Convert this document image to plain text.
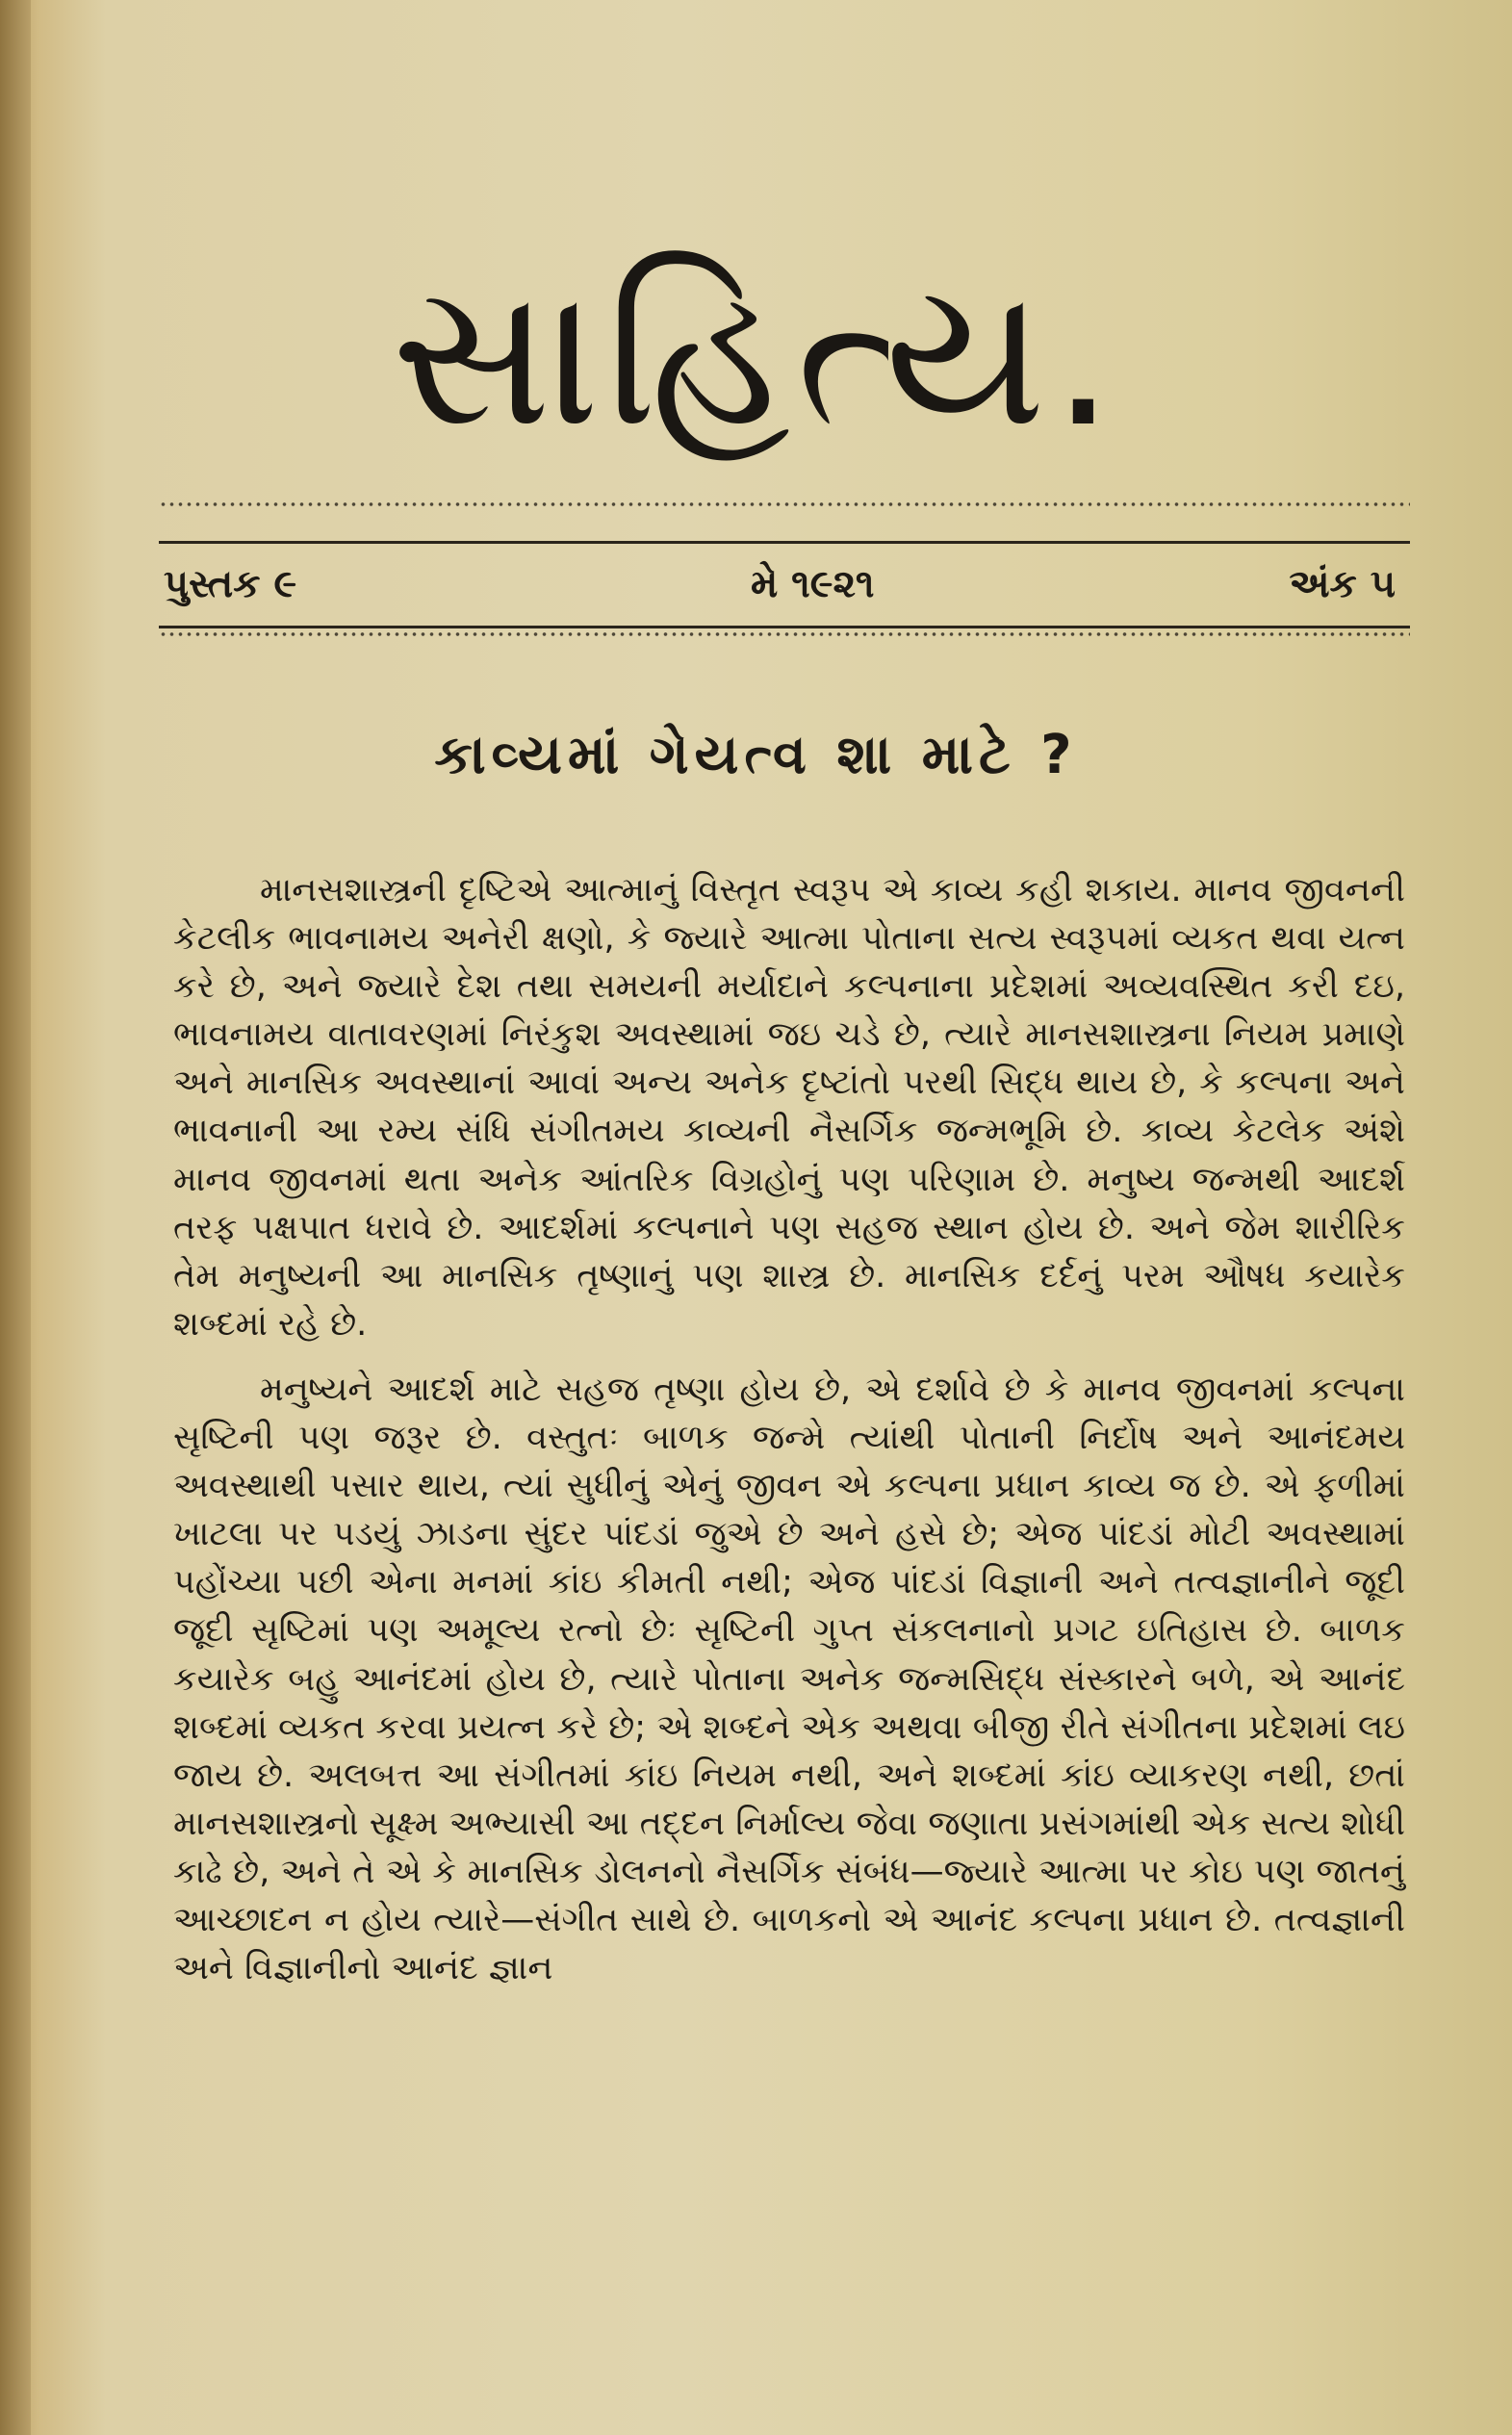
સાહિત્ય.
પુસ્તક ૯	મે ૧૯૨૧	અંક ૫
કાવ્યમાં ગેયત્વ શા માટે ?

માનસશાસ્ત્રની દૃષ્ટિએ આત્માનું વિસ્તૃત સ્વરૂપ એ કાવ્ય કહી શકાય. માનવ જીવનની કેટલીક ભાવનામય અનેરી ક્ષણો, કે જ્યારે આત્મા પોતાના સત્ય સ્વરૂપમાં વ્યકત થવા યત્ન કરે છે, અને જ્યારે દેશ તથા સમયની મર્યાદાને કલ્પનાના પ્રદેશમાં અવ્યવસ્થિત કરી દઇ, ભાવનામય વાતાવરણમાં નિરંકુશ અવસ્થામાં જઇ ચડે છે, ત્યારે માનસશાસ્ત્રના નિયમ પ્રમાણે અને માનસિક અવસ્થાનાં આવાં અન્ય અનેક દૃષ્ટાંતો પરથી સિદ્ધ થાય છે, કે કલ્પના અને ભાવનાની આ રમ્ય સંધિ સંગીતમય કાવ્યની નૈસર્ગિક જન્મભૂમિ છે. કાવ્ય કેટલેક અંશે માનવ જીવનમાં થતા અનેક આંતરિક વિગ્રહોનું પણ પરિણામ છે. મનુષ્ય જન્મથી આદર્શ તરફ પક્ષપાત ધરાવે છે. આદર્શમાં કલ્પનાને પણ સહજ સ્થાન હોય છે. અને જેમ શારીરિક તેમ મનુષ્યની આ માનસિક તૃષ્ણાનું પણ શાસ્ત્ર છે. માનસિક દર્દનું પરમ ઔષધ કયારેક શબ્દમાં રહે છે.

મનુષ્યને આદર્શ માટે સહજ તૃષ્ણા હોય છે, એ દર્શાવે છે કે માનવ જીવનમાં કલ્પના સૃષ્ટિની પણ જરૂર છે. વસ્તુતઃ બાળક જન્મે ત્યાંથી પોતાની નિર્દોષ અને આનંદમય અવસ્થાથી પસાર થાય, ત્યાં સુધીનું એનું જીવન એ કલ્પના પ્રધાન કાવ્ય જ છે. એ ફળીમાં ખાટલા પર પડયું ઝાડના સુંદર પાંદડાં જુએ છે અને હસે છે; એજ પાંદડાં મોટી અવસ્થામાં પહોંચ્યા પછી એના મનમાં કાંઇ કીમતી નથી; એજ પાંદડાં વિજ્ઞાની અને તત્વજ્ઞાનીને જૂદી જૂદી સૃષ્ટિમાં પણ અમૂલ્ય રત્નો છેઃ સૃષ્ટિની ગુપ્ત સંકલનાનો પ્રગટ ઇતિહાસ છે. બાળક કયારેક બહુ આનંદમાં હોય છે, ત્યારે પોતાના અનેક જન્મસિદ્ધ સંસ્કારને બળે, એ આનંદ શબ્દમાં વ્યકત કરવા પ્રયત્ન કરે છે; એ શબ્દને એક અથવા બીજી રીતે સંગીતના પ્રદેશમાં લઇ જાય છે. અલબત્ત આ સંગીતમાં કાંઇ નિયમ નથી, અને શબ્દમાં કાંઇ વ્યાકરણ નથી, છતાં માનસશાસ્ત્રનો સૂક્ષ્મ અભ્યાસી આ તદ્દન નિર્માલ્ય જેવા જણાતા પ્રસંગમાંથી એક સત્ય શોધી કાઢે છે, અને તે એ કે માનસિક ડોલનનો નૈસર્ગિક સંબંધ—જ્યારે આત્મા પર કોઇ પણ જાતનું આચ્છાદન ન હોય ત્યારે—સંગીત સાથે છે. બાળકનો એ આનંદ કલ્પના પ્રધાન છે. તત્વજ્ઞાની અને વિજ્ઞાનીનો આનંદ જ્ઞાન
